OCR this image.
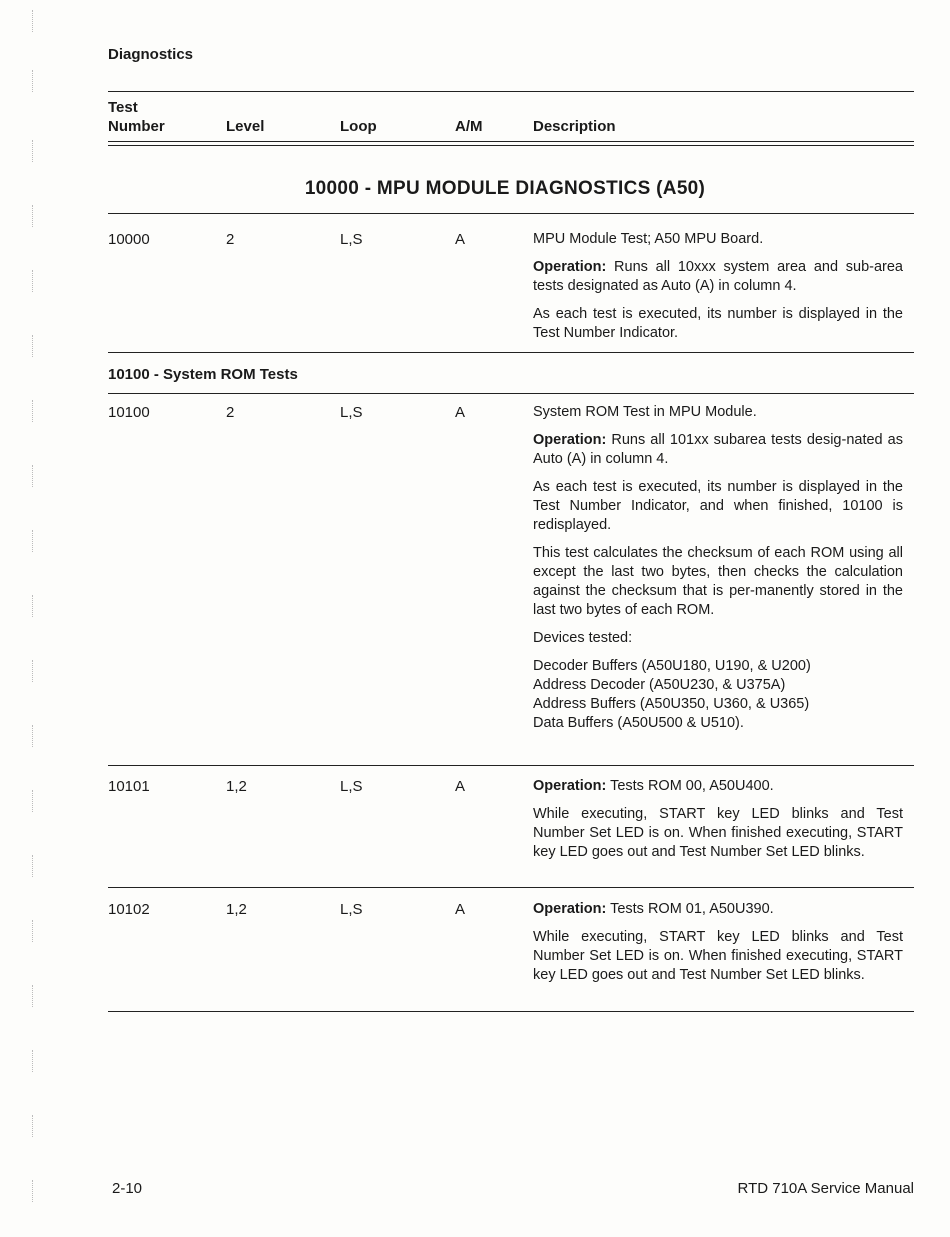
Diagnostics
Test
Number	Level	Loop	A/M	Description
10000 - MPU MODULE DIAGNOSTICS (A50)
10000	2	L,S	A	MPU Module Test; A50 MPU Board.

Operation: Runs all 10xxx system area and sub-area tests designated as Auto (A) in column 4.

As each test is executed, its number is displayed in the Test Number Indicator.

10100 - System ROM Tests
10100	2	L,S	A	System ROM Test in MPU Module.

Operation: Runs all 101xx subarea tests desig-nated as Auto (A) in column 4.

As each test is executed, its number is displayed in the Test Number Indicator, and when finished, 10100 is redisplayed.

This test calculates the checksum of each ROM using all except the last two bytes, then checks the calculation against the checksum that is per-manently stored in the last two bytes of each ROM.

Devices tested:

Decoder Buffers (A50U180, U190, & U200)
Address Decoder (A50U230, & U375A)
Address Buffers (A50U350, U360, & U365)
Data Buffers (A50U500 & U510).
10101	1,2	L,S	A	Operation: Tests ROM 00, A50U400.

While executing, START key LED blinks and Test Number Set LED is on. When finished executing, START key LED goes out and Test Number Set LED blinks.

10102	1,2	L,S	A	Operation: Tests ROM 01, A50U390.

While executing, START key LED blinks and Test Number Set LED is on. When finished executing, START key LED goes out and Test Number Set LED blinks.

2-10	RTD 710A Service Manual
